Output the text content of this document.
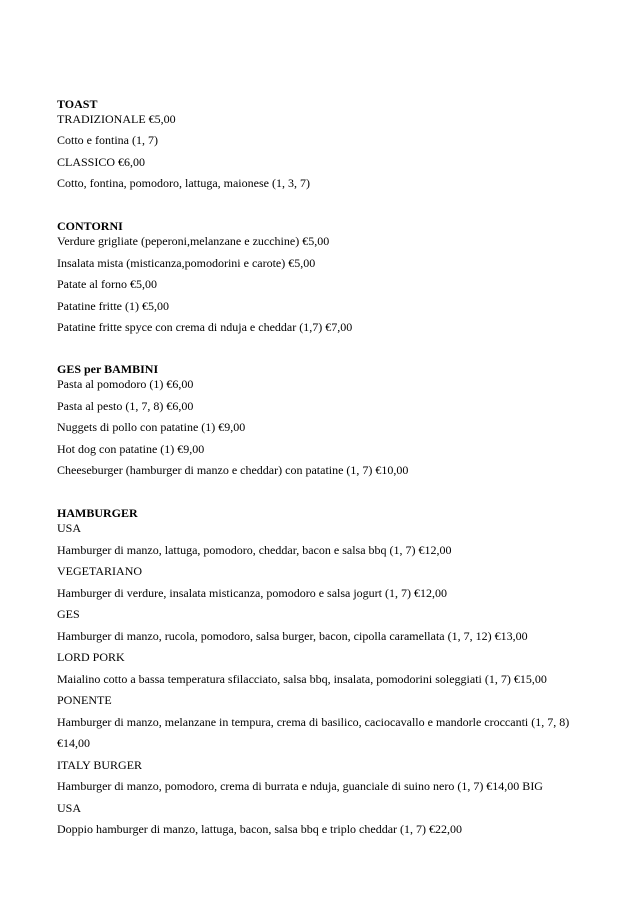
TOAST

TRADIZIONALE €5,00

Cotto e fontina (1, 7)

CLASSICO €6,00

Cotto, fontina, pomodoro, lattuga, maionese (1, 3, 7)

CONTORNI

Verdure grigliate (peperoni,melanzane e zucchine) €5,00

Insalata mista (misticanza,pomodorini e carote) €5,00

Patate al forno €5,00

Patatine fritte (1) €5,00

Patatine fritte spyce con crema di nduja e cheddar (1,7) €7,00

GES per BAMBINI

Pasta al pomodoro (1) €6,00

Pasta al pesto (1, 7, 8) €6,00

Nuggets di pollo con patatine (1) €9,00

Hot dog con patatine (1) €9,00

Cheeseburger (hamburger di manzo e cheddar) con patatine (1, 7) €10,00

HAMBURGER

USA

Hamburger di manzo, lattuga, pomodoro, cheddar, bacon e salsa bbq (1, 7) €12,00

VEGETARIANO

Hamburger di verdure, insalata misticanza, pomodoro e salsa jogurt (1, 7) €12,00

GES

Hamburger di manzo, rucola, pomodoro, salsa burger, bacon, cipolla caramellata (1, 7, 12) €13,00

LORD PORK

Maialino cotto a bassa temperatura sfilacciato, salsa bbq, insalata, pomodorini soleggiati (1, 7) €15,00

PONENTE

Hamburger di manzo, melanzane in tempura, crema di basilico, caciocavallo e mandorle croccanti (1, 7, 8)

€14,00

ITALY BURGER

Hamburger di manzo, pomodoro, crema di burrata e nduja, guanciale di suino nero (1, 7) €14,00 BIG

USA

Doppio hamburger di manzo, lattuga, bacon, salsa bbq e triplo cheddar (1, 7) €22,00
